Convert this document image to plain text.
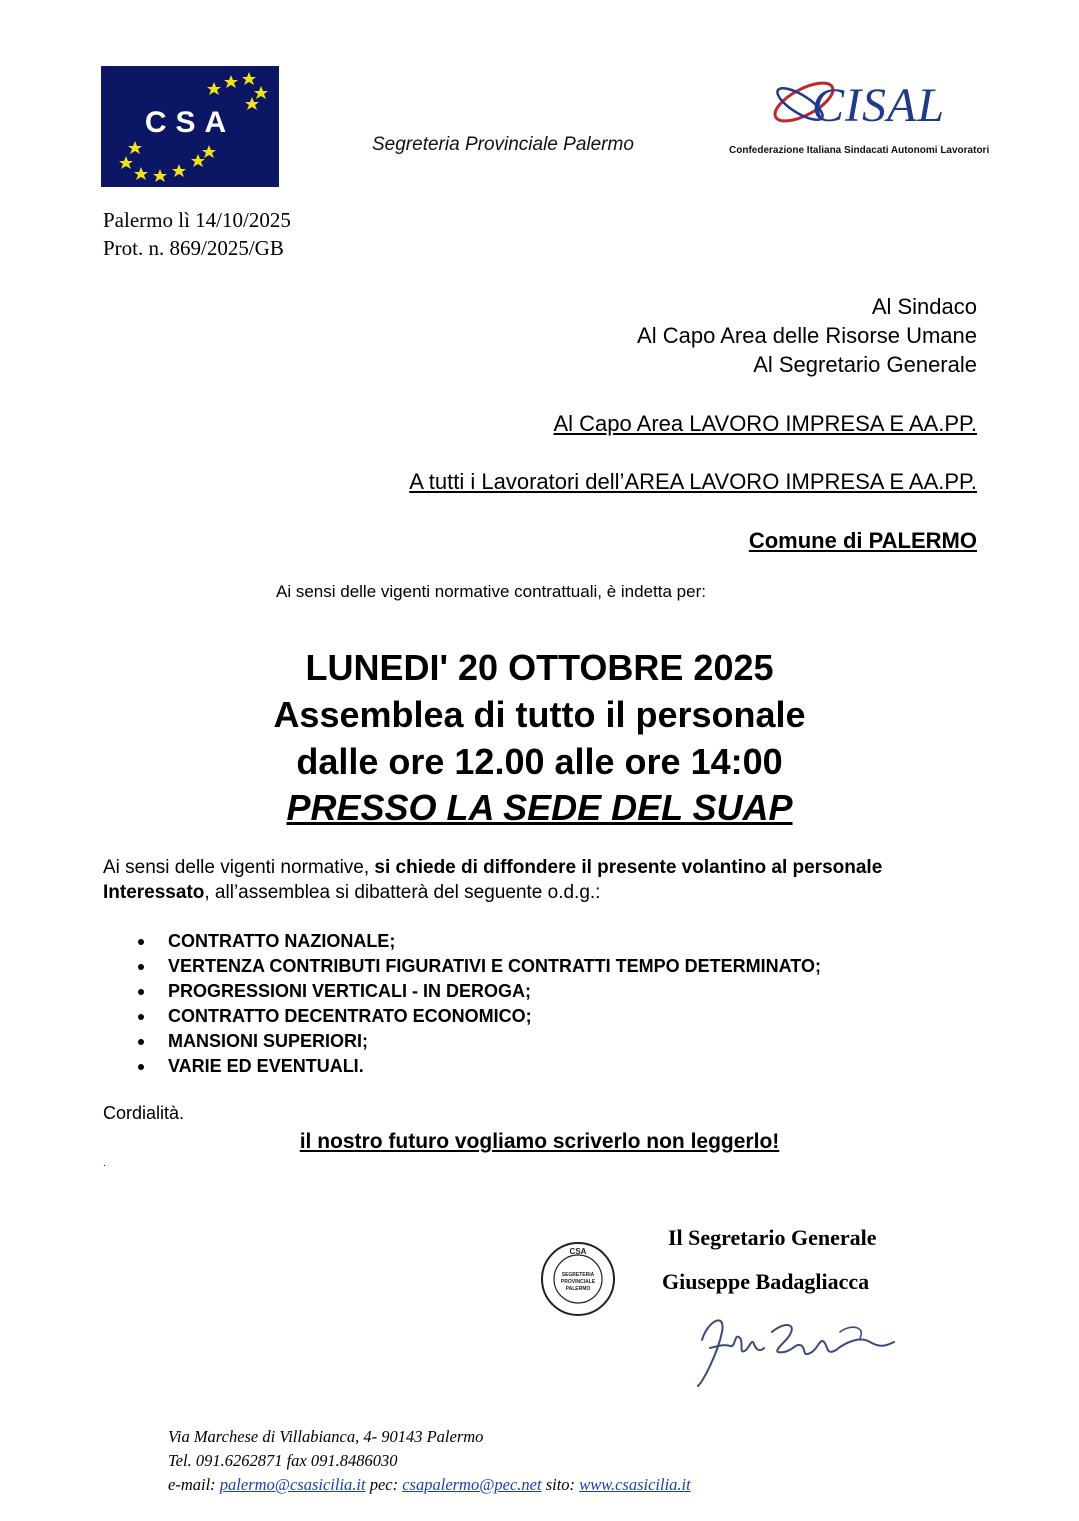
CSA
Segreteria Provinciale Palermo
CISAL
Confederazione Italiana Sindacati Autonomi Lavoratori
Palermo lì 14/10/2025
Prot. n. 869/2025/GB
Al Sindaco
Al Capo Area delle Risorse Umane
Al Segretario Generale
Al Capo Area LAVORO IMPRESA E AA.PP.
A tutti i Lavoratori dell’AREA LAVORO IMPRESA E AA.PP.
Comune di PALERMO
Ai sensi delle vigenti normative contrattuali, è indetta per:
LUNEDI' 20 OTTOBRE 2025
Assemblea di tutto il personale
dalle ore 12.00 alle ore 14:00
PRESSO LA SEDE DEL SUAP
Ai sensi delle vigenti normative, si chiede di diffondere il presente volantino al personale Interessato, all’assemblea si dibatterà del seguente o.d.g.:
CONTRATTO NAZIONALE;
VERTENZA CONTRIBUTI FIGURATIVI E CONTRATTI TEMPO DETERMINATO;
PROGRESSIONI VERTICALI - IN DEROGA;
CONTRATTO DECENTRATO ECONOMICO;
MANSIONI SUPERIORI;
VARIE ED EVENTUALI.
Cordialità.
il nostro futuro vogliamo scriverlo non leggerlo!
.
Il Segretario Generale
Giuseppe Badagliacca
CSA
SEGRETERIA
PROVINCIALE
PALERMO
Via Marchese di Villabianca, 4- 90143 Palermo
Tel. 091.6262871 fax 091.8486030
e-mail: palermo@csasicilia.it pec: csapalermo@pec.net sito: www.csasicilia.it
